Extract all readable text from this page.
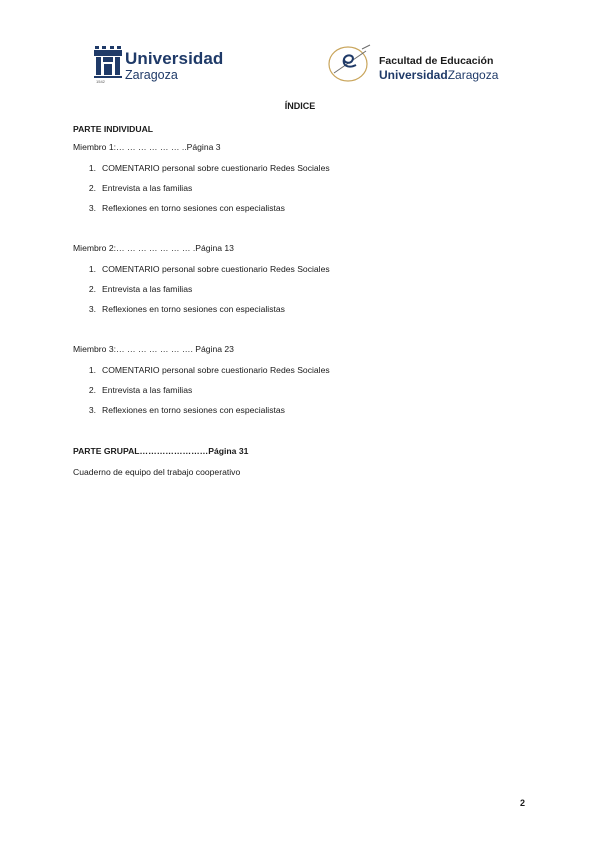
Universidad
Zaragoza
1542
Facultad de Educación
UniversidadZaragoza
ÍNDICE
PARTE INDIVIDUAL
Miembro 1:… … … … … … ..Página 3
1. COMENTARIO personal sobre cuestionario Redes Sociales
2. Entrevista a las familias
3. Reflexiones en torno sesiones con especialistas
Miembro 2:… … … … … … … .Página 13
1. COMENTARIO personal sobre cuestionario Redes Sociales
2. Entrevista a las familias
3. Reflexiones en torno sesiones con especialistas
Miembro 3:… … … … … … …. Página 23
1. COMENTARIO personal sobre cuestionario Redes Sociales
2. Entrevista a las familias
3. Reflexiones en torno sesiones con especialistas
PARTE GRUPAL……………………Página 31
Cuaderno de equipo del trabajo cooperativo
2
